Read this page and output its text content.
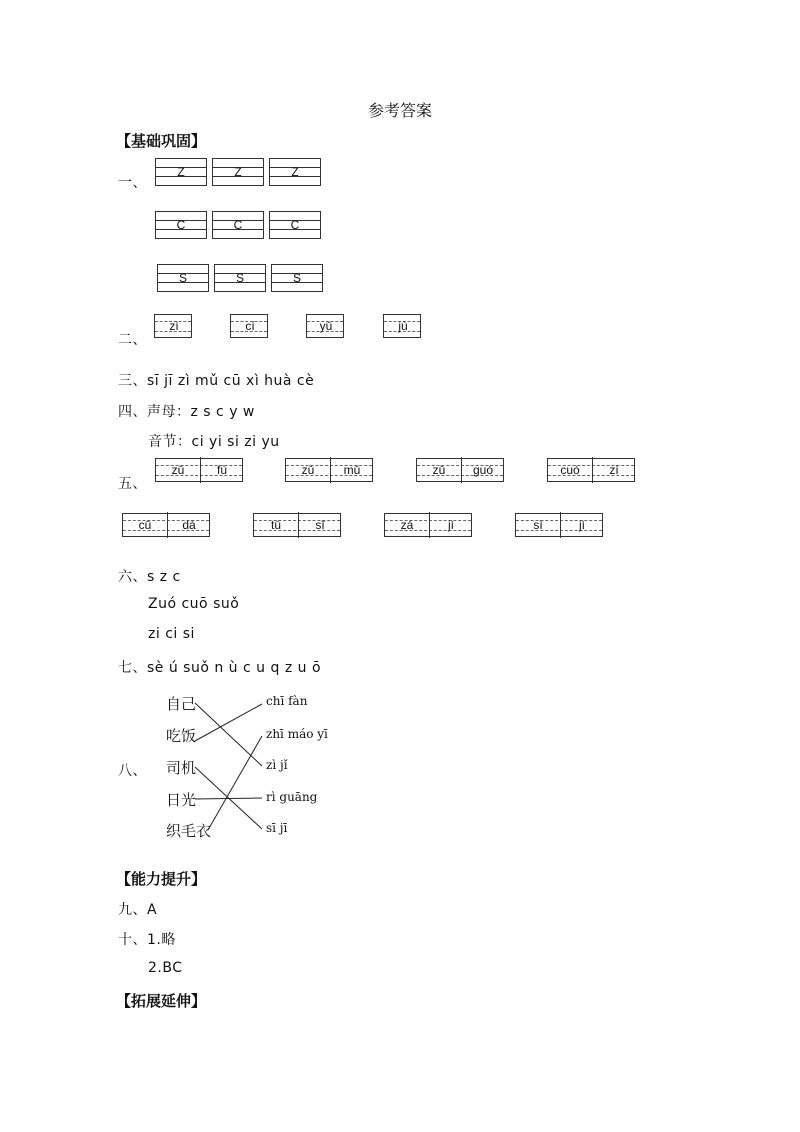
参考答案
【基础巩固】
一、
Z	Z	Z
C	C	C
S	S	S
二、
zì	cí	yǔ	jù
三、sī jī zì mǔ cū xì huà cè
四、声母：z s c y w
音节：ci yi si zi yu
五、
zǔ	fù	zǔ	mǔ	zǔ	guó	cuò	zì
cū	dà	tǔ	sī	zá	jì	sì	jì
六、s z c
Zuó cuō suǒ
zi ci si
七、sè ú suǒ n ù c u q z u ō
八、
自己
吃饭
司机
日光
织毛衣
chī fàn
zhī máo yī
zì jǐ
rì guāng
sī jī
【能力提升】
九、A
十、1.略
2.BC
【拓展延伸】
